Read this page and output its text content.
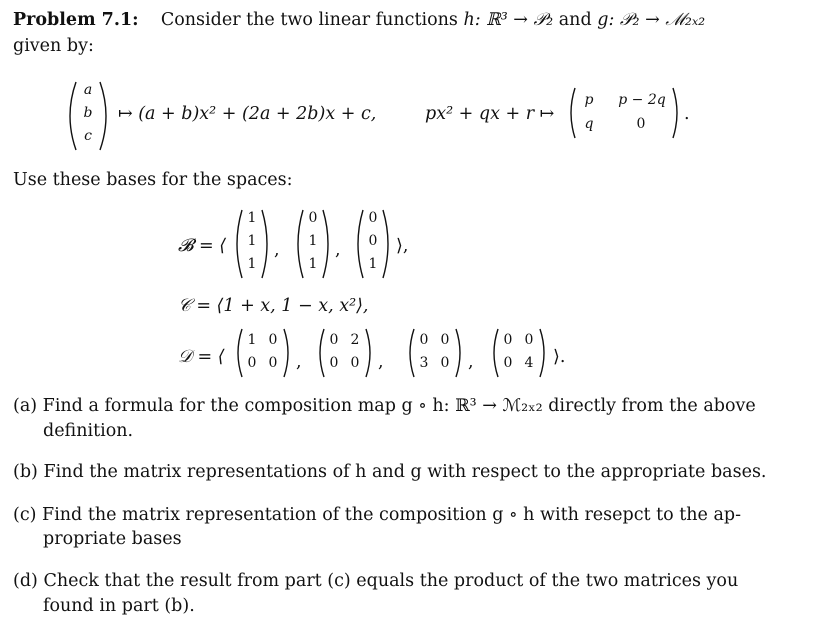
Problem 7.1: Consider the two linear functions h: ℝ³ → 𝒫₂ and g: 𝒫₂ → ℳ₂ₓ₂
given by:
a
b
c
↦ (a + b)x² + (2a + 2b)x + c,	px² + qx + r ↦
p	p − 2q
q	0	.
Use these bases for the spaces:
𝓑 = ⟨
1
1
1
,
0
1
1
,
0
0
1
⟩,
𝒞 = ⟨1 + x, 1 − x, x²⟩,
𝒟 = ⟨
1 0
0 0	,
0 2
0 0	,
0 0
3 0	,
0 0
0 4	⟩.
(a) Find a formula for the composition map g ∘ h: ℝ³ → ℳ₂ₓ₂ directly from the above
definition.
(b) Find the matrix representations of h and g with respect to the appropriate bases.
(c) Find the matrix representation of the composition g ∘ h with resepct to the ap-
propriate bases
(d) Check that the result from part (c) equals the product of the two matrices you
found in part (b).
